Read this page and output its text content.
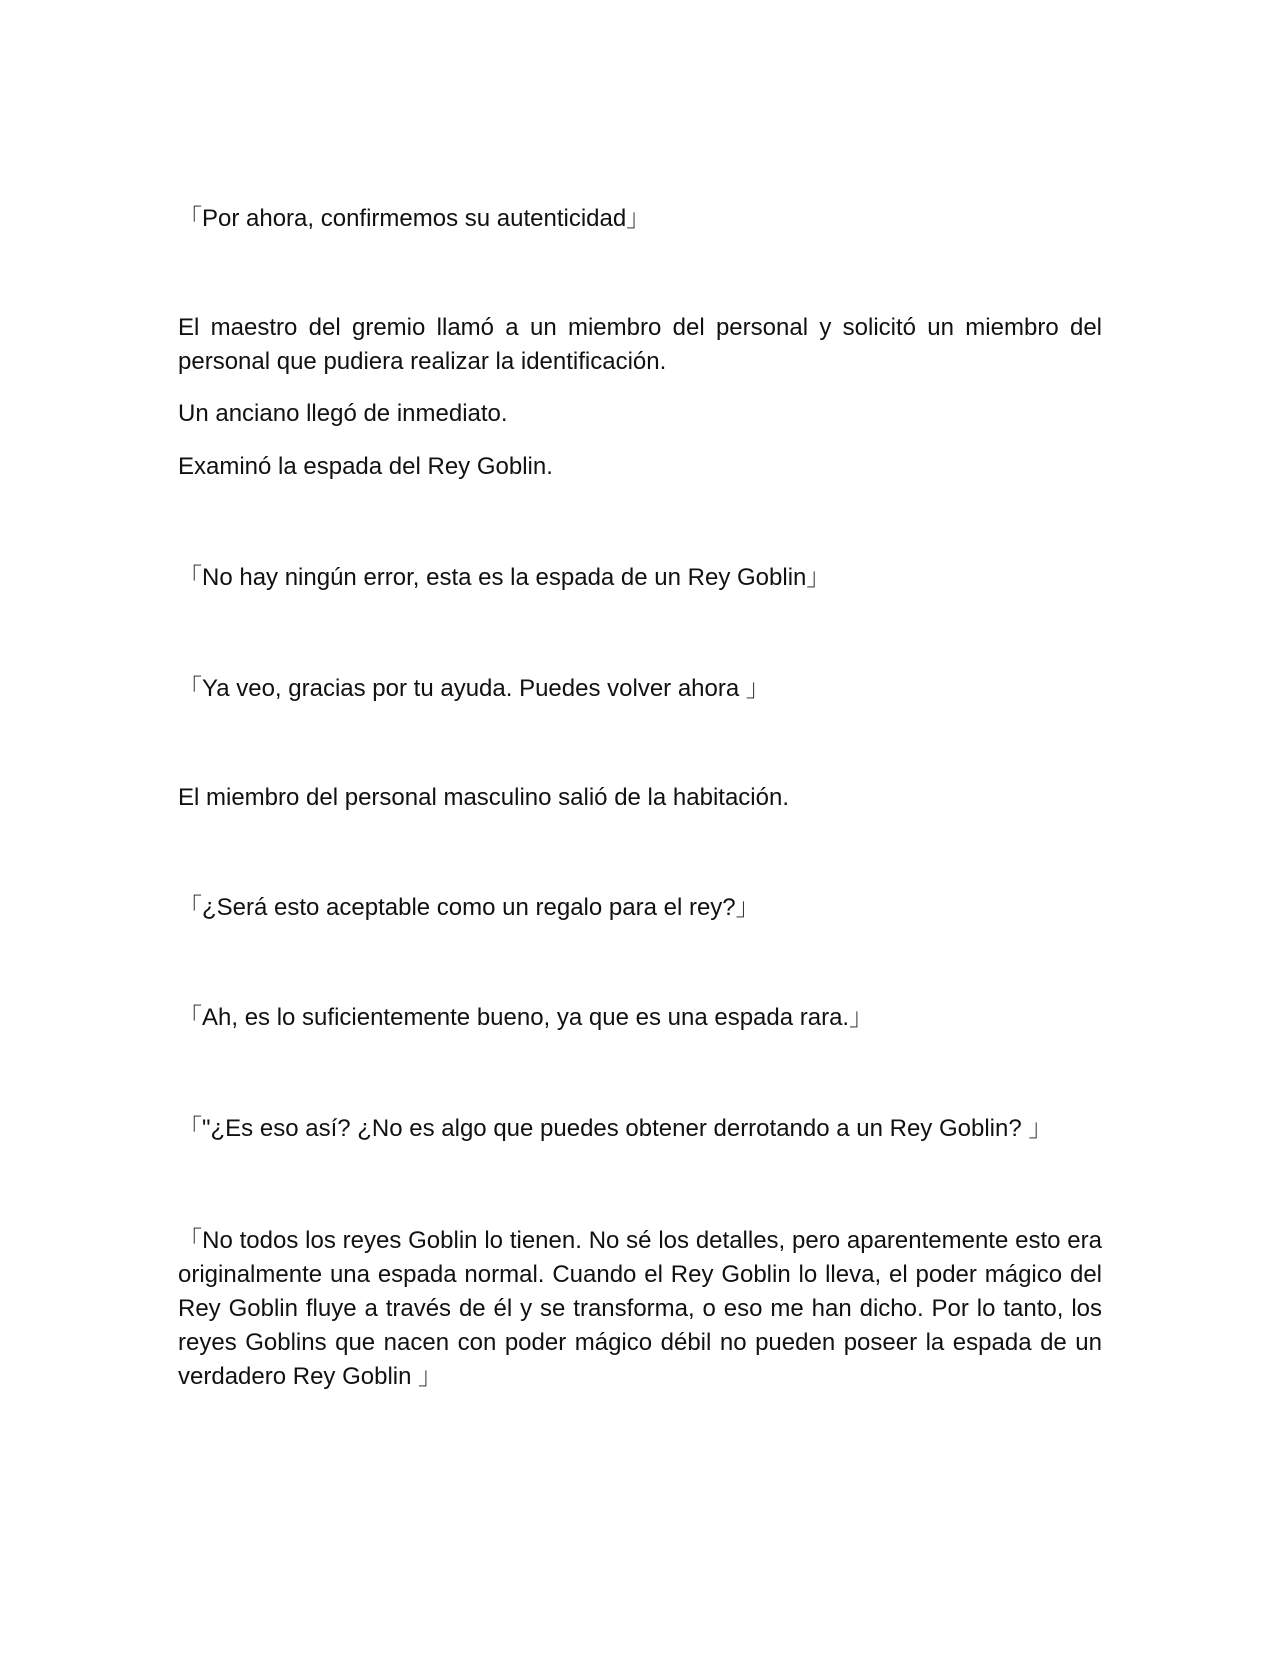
「Por ahora, confirmemos su autenticidad」

El maestro del gremio llamó a un miembro del personal y solicitó un miembro del personal que pudiera realizar la identificación.

Un anciano llegó de inmediato.

Examinó la espada del Rey Goblin.

「No hay ningún error, esta es la espada de un Rey Goblin」

「Ya veo, gracias por tu ayuda. Puedes volver ahora 」

El miembro del personal masculino salió de la habitación.

「¿Será esto aceptable como un regalo para el rey?」

「Ah, es lo suficientemente bueno, ya que es una espada rara.」

「"¿Es eso así? ¿No es algo que puedes obtener derrotando a un Rey Goblin? 」

「No todos los reyes Goblin lo tienen. No sé los detalles, pero aparentemente esto era originalmente una espada normal. Cuando el Rey Goblin lo lleva, el poder mágico del Rey Goblin fluye a través de él y se transforma, o eso me han dicho. Por lo tanto, los reyes Goblins que nacen con poder mágico débil no pueden poseer la espada de un verdadero Rey Goblin 」
